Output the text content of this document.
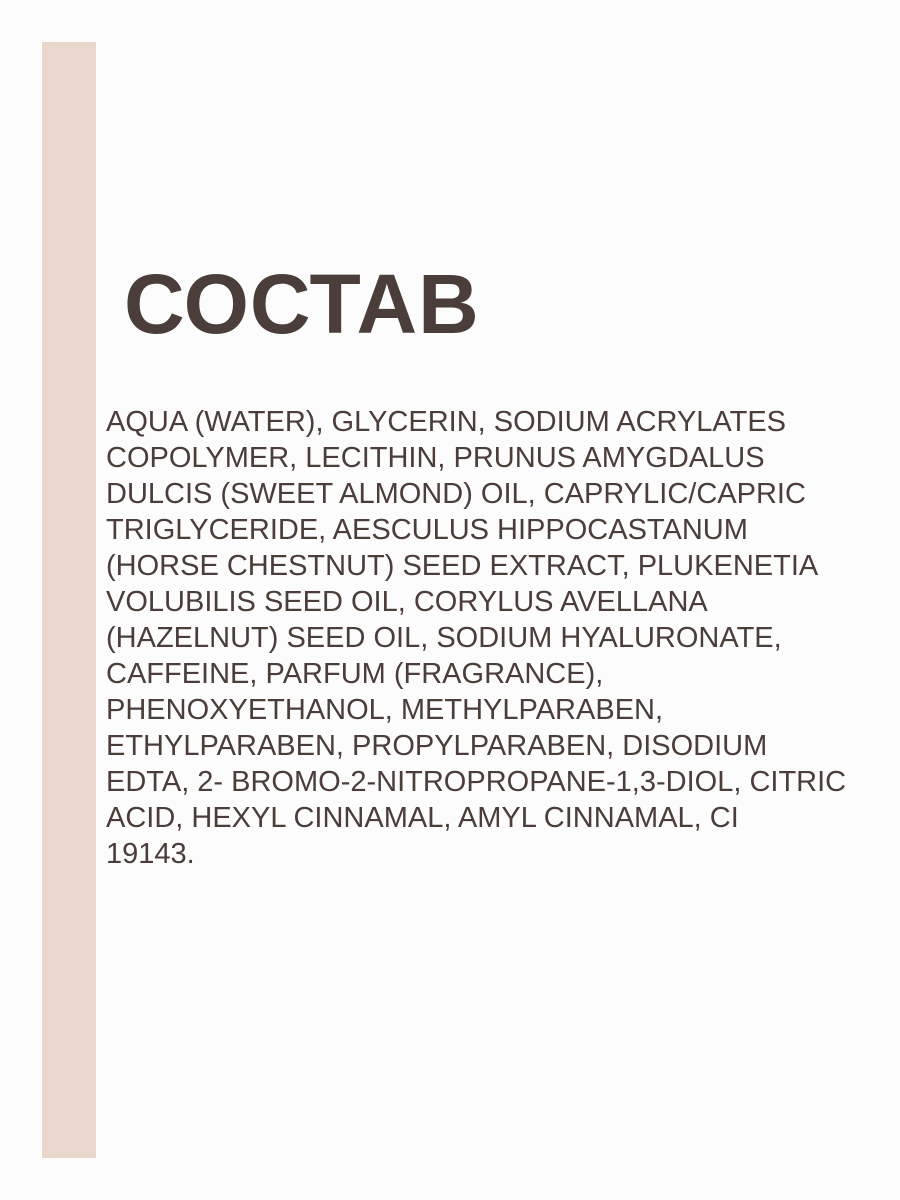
СОСТАВ

AQUA (WATER), GLYCERIN, SODIUM ACRYLATES
COPOLYMER, LECITHIN, PRUNUS AMYGDALUS
DULCIS (SWEET ALMOND) OIL, CAPRYLIC/CAPRIC
TRIGLYCERIDE, AESCULUS HIPPOCASTANUM
(HORSE CHESTNUT) SEED EXTRACT, PLUKENETIA
VOLUBILIS SEED OIL, CORYLUS AVELLANA
(HAZELNUT) SEED OIL, SODIUM HYALURONATE,
CAFFEINE, PARFUM (FRAGRANCE),
PHENOXYETHANOL, METHYLPARABEN,
ETHYLPARABEN, PROPYLPARABEN, DISODIUM
EDTA, 2- BROMO-2-NITROPROPANE-1,3-DIOL, CITRIC
ACID, HEXYL CINNAMAL, AMYL CINNAMAL, CI
19143.
